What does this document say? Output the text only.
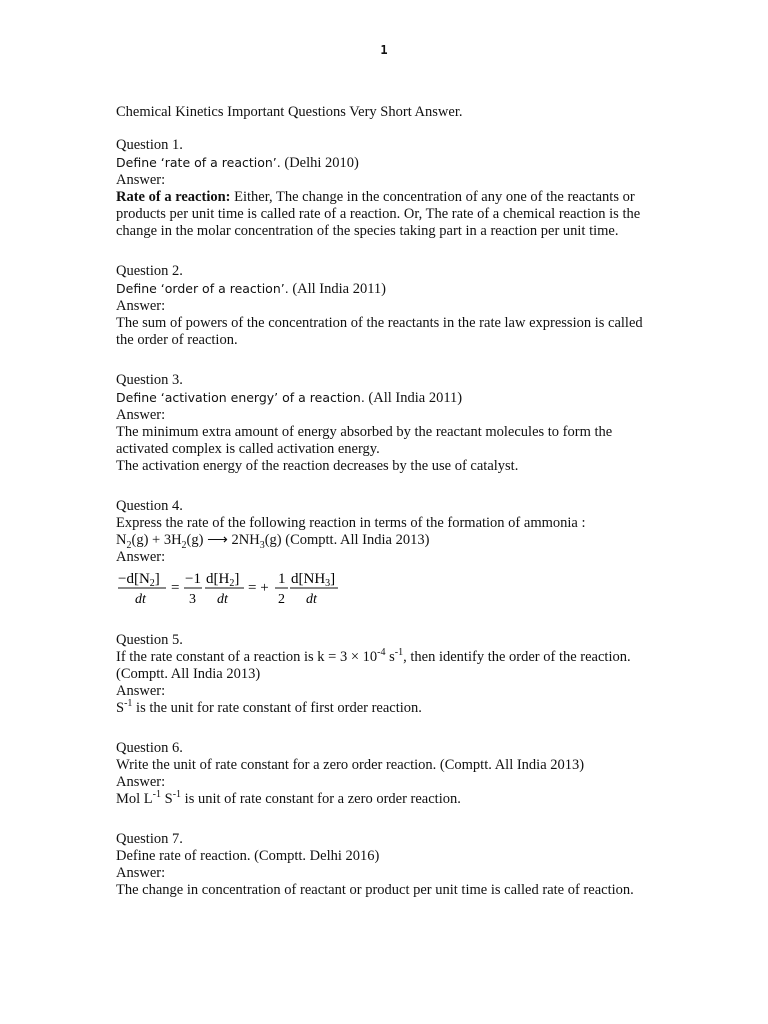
1
Chemical Kinetics Important Questions Very Short Answer.
Question 1.
Define ‘rate of a reaction’. (Delhi 2010)
Answer:
Rate of a reaction: Either, The change in the concentration of any one of the reactants or products per unit time is called rate of a reaction. Or, The rate of a chemical reaction is the change in the molar concentration of the species taking part in a reaction per unit time.
Question 2.
Define ‘order of a reaction’. (All India 2011)
Answer:
The sum of powers of the concentration of the reactants in the rate law expression is called the order of reaction.
Question 3.
Define ‘activation energy’ of a reaction. (All India 2011)
Answer:
The minimum extra amount of energy absorbed by the reactant molecules to form the activated complex is called activation energy.
The activation energy of the reaction decreases by the use of catalyst.
Question 4.
Express the rate of the following reaction in terms of the formation of ammonia :
$N_2(g) + 3H_2(g)$ ⟶ $2NH_3(g)$ (Comptt. All India 2013)
Answer:
$-d[N_2]$
dt
=
−1
3
$d[H_2]$
dt
= +
1
2
$d[NH_3]$
dt
Question 5.
If the rate constant of a reaction is $k = 3 \times 10^{-4}$ $s^{-1}$, then identify the order of the reaction. (Comptt. All India 2013)
Answer:
$S^{-1}$ is the unit for rate constant of first order reaction.
Question 6.
Write the unit of rate constant for a zero order reaction. (Comptt. All India 2013)
Answer:
Mol $L^{-1}$ $S^{-1}$ is unit of rate constant for a zero order reaction.
Question 7.
Define rate of reaction. (Comptt. Delhi 2016)
Answer:
The change in concentration of reactant or product per unit time is called rate of reaction.
